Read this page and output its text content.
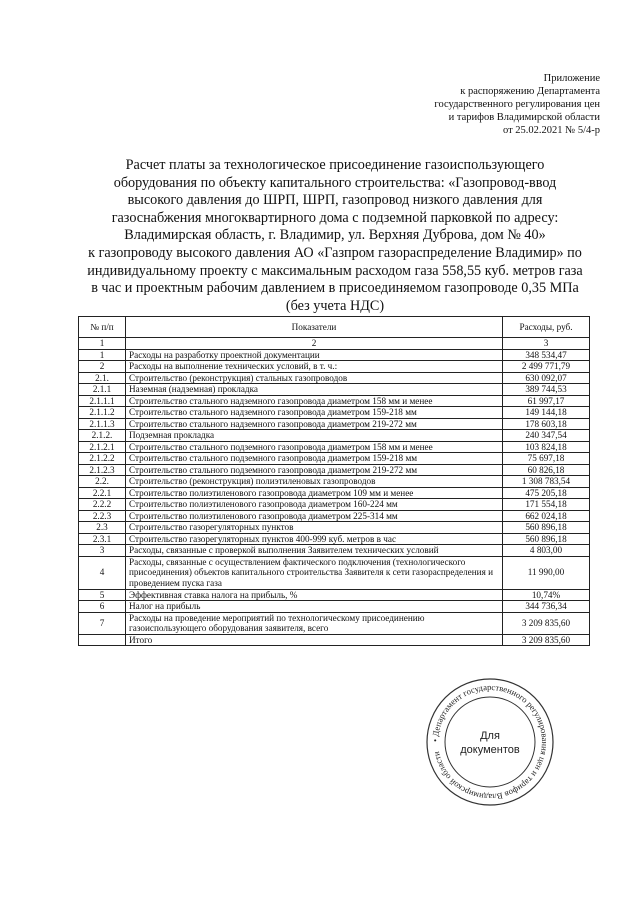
Приложение
к распоряжению Департамента
государственного регулирования цен
и тарифов Владимирской области
от 25.02.2021 № 5/4-р
Расчет платы за технологическое присоединение газоиспользующего
оборудования по объекту капитального строительства: «Газопровод-ввод
высокого давления до ШРП, ШРП, газопровод низкого давления для
газоснабжения многоквартирного дома с подземной парковкой по адресу:
Владимирская область, г. Владимир, ул. Верхняя Дуброва, дом № 40»
к газопроводу высокого давления АО «Газпром газораспределение Владимир» по
индивидуальному проекту с максимальным расходом газа 558,55 куб. метров газа
в час и проектным рабочим давлением в присоединяемом газопроводе 0,35 МПа
(без учета НДС)
№ п/п	Показатели	Расходы, руб.
1	2	3
1	Расходы на разработку проектной документации	348 534,47
2	Расходы на выполнение технических условий, в т. ч.:	2 499 771,79
2.1.	Строительство (реконструкция) стальных газопроводов	630 092,07
2.1.1	Наземная (надземная) прокладка	389 744,53
2.1.1.1	Строительство стального надземного газопровода диаметром 158 мм и менее	61 997,17
2.1.1.2	Строительство стального надземного газопровода диаметром 159-218 мм	149 144,18
2.1.1.3	Строительство стального надземного газопровода диаметром 219-272 мм	178 603,18
2.1.2.	Подземная прокладка	240 347,54
2.1.2.1	Строительство стального подземного газопровода диаметром 158 мм и менее	103 824,18
2.1.2.2	Строительство стального подземного газопровода диаметром 159-218 мм	75 697,18
2.1.2.3	Строительство стального подземного газопровода диаметром 219-272 мм	60 826,18
2.2.	Строительство (реконструкция) полиэтиленовых газопроводов	1 308 783,54
2.2.1	Строительство полиэтиленового газопровода диаметром 109 мм и менее	475 205,18
2.2.2	Строительство полиэтиленового газопровода диаметром 160-224 мм	171 554,18
2.2.3	Строительство полиэтиленового газопровода диаметром 225-314 мм	662 024,18
2.3	Строительство газорегуляторных пунктов	560 896,18
2.3.1	Строительство газорегуляторных пунктов 400-999 куб. метров в час	560 896,18
3	Расходы, связанные с проверкой выполнения Заявителем технических условий	4 803,00
4	Расходы, связанные с осуществлением фактического подключения (технологического присоединения) объектов капитального строительства Заявителя к сети газораспределения и проведением пуска газа	11 990,00
5	Эффективная ставка налога на прибыль, %	10,74%
6	Налог на прибыль	344 736,34
7	Расходы на проведение мероприятий по технологическому присоединению газоиспользующего оборудования заявителя, всего	3 209 835,60
	Итого	3 209 835,60
• Департамент государственного регулирования цен и тарифов Владимирской области
Для
документов
